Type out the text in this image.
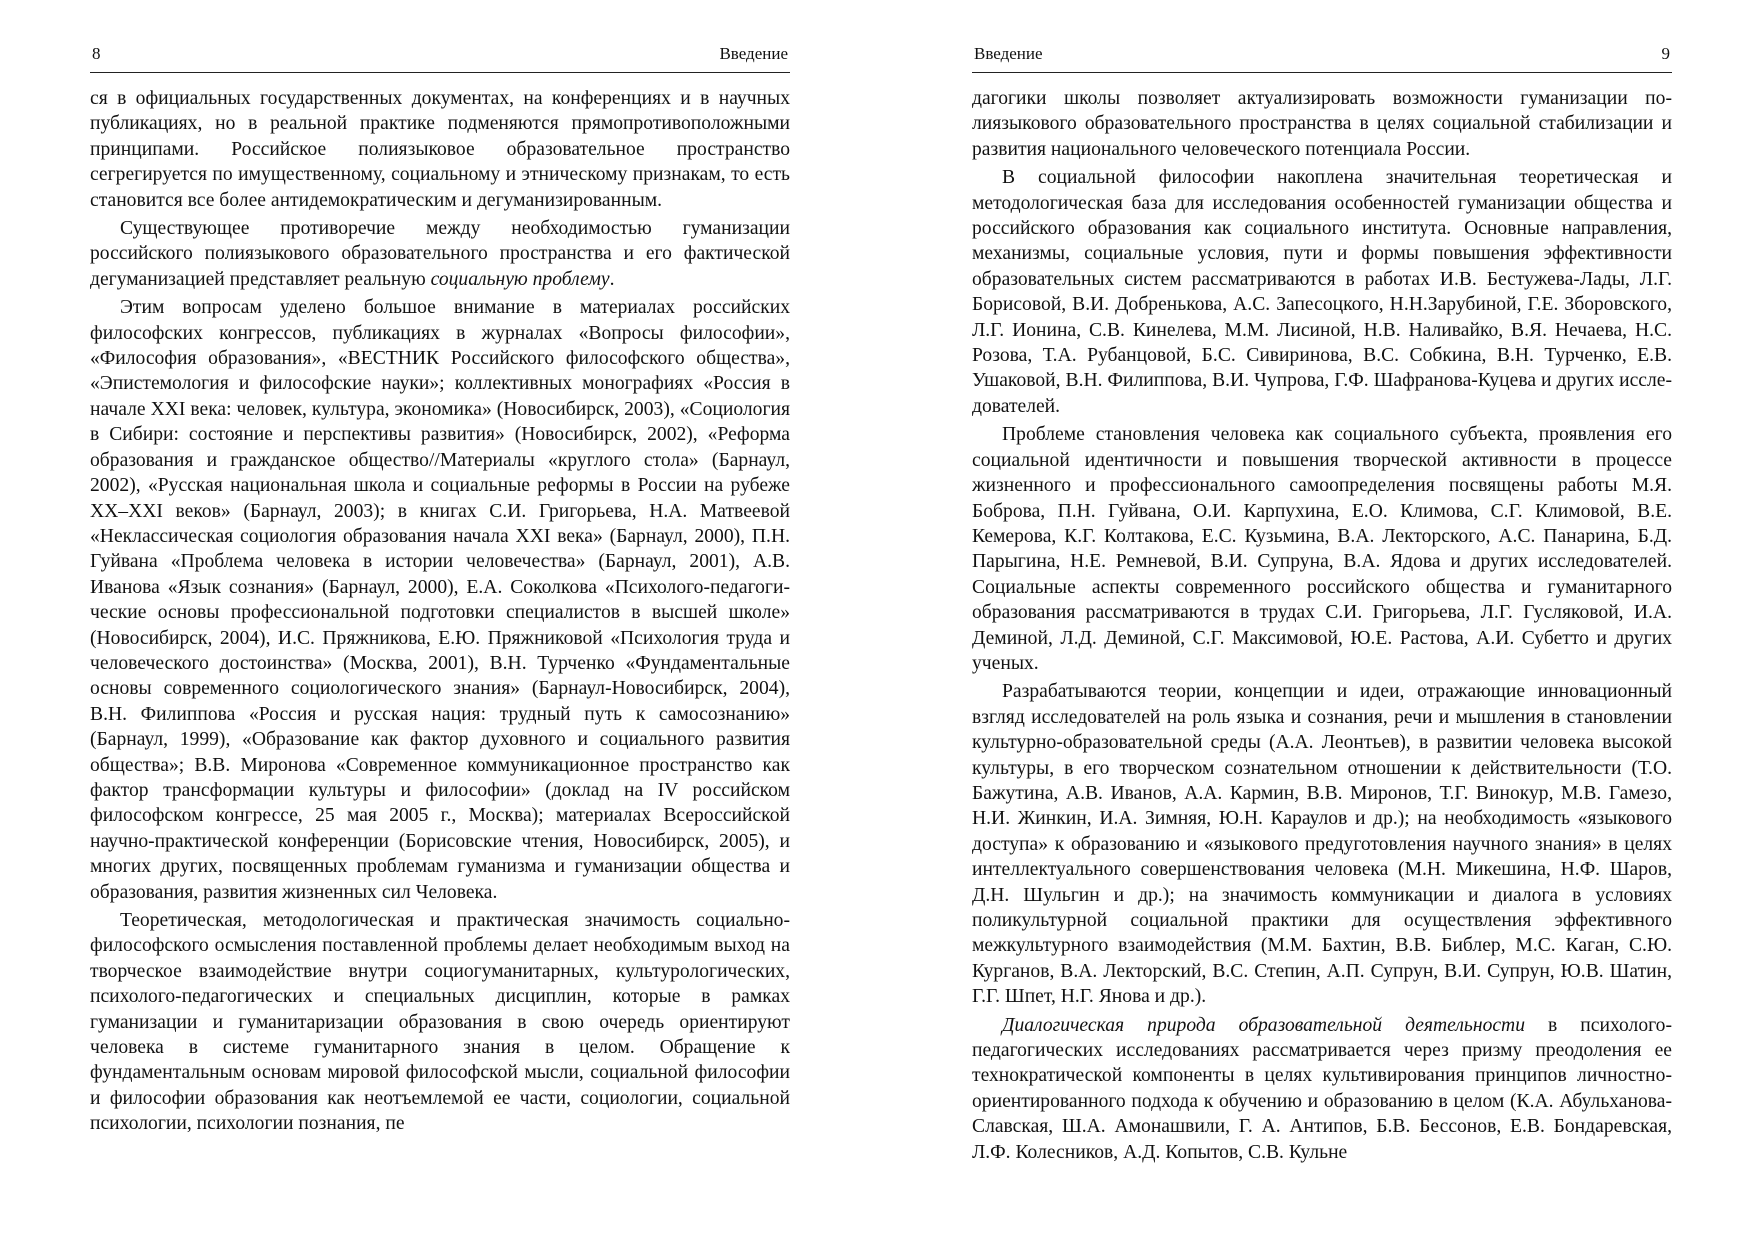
8	Введение

ся в официальных государственных документах, на конференциях и в научных публикациях, но в реальной практике подменяются прямопротивоположными принципами. Российское полиязыковое образовательное пространство сегрегируется по имущественному, социальному и этническому признакам, то есть становится все более антидемократическим и дегуманизированным.

Существующее противоречие между необходимостью гуманизации российского полиязыкового образовательного пространства и его фактической дегуманизацией представляет реальную социальную проблему.

Этим вопросам уделено большое внимание в материалах российских философских конгрессов, публикациях в журналах «Вопросы философии», «Философия образования», «ВЕСТНИК Российского философского общества», «Эпистемология и философские науки»; коллективных монографиях «Россия в начале XXI века: человек, культура, экономика» (Новосибирск, 2003), «Социология в Сибири: состояние и перспективы развития» (Новосибирск, 2002), «Реформа образования и гражданское общество//Материалы «круглого стола» (Барнаул, 2002), «Русская национальная школа и социальные реформы в России на рубеже XX–XXI веков» (Барнаул, 2003); в книгах С.И. Григорьева, Н.А. Матвеевой «Неклассическая социология образования начала XXI века» (Барнаул, 2000), П.Н. Гуйвана «Проблема человека в истории человечества» (Барнаул, 2001), А.В. Иванова «Язык сознания» (Барнаул, 2000), Е.А. Соколкова «Психолого-педагогические основы профессиональной подготовки специалистов в высшей школе» (Новосибирск, 2004), И.С. Пряжникова, Е.Ю. Пряжниковой «Психология труда и человеческого достоинства» (Москва, 2001), В.Н. Турченко «Фундаментальные основы современного социологического знания» (Барнаул-Новосибирск, 2004), В.Н. Филиппова «Россия и русская нация: трудный путь к самосознанию» (Барнаул, 1999), «Образование как фактор духовного и социального развития общества»; В.В. Миронова «Современное коммуникационное пространство как фактор трансформации культуры и философии» (доклад на IV российском философском конгрессе, 25 мая 2005 г., Москва); материалах Всероссийской научно-практической конференции (Борисовские чтения, Новосибирск, 2005), и многих других, посвященных проблемам гуманизма и гуманизации общества и образования, развития жизненных сил Человека.

Теоретическая, методологическая и практическая значимость социально-философского осмысления поставленной проблемы делает необходимым выход на творческое взаимодействие внутри социогуманитарных, культурологических, психолого-педагогических и специальных дисциплин, которые в рамках гуманизации и гуманитаризации образования в свою очередь ориентируют человека в системе гуманитарного знания в целом. Обращение к фундаментальным основам мировой философской мысли, социальной философии и философии образования как неотъемлемой ее части, социологии, социальной психологии, психологии познания, пе

Введение	9

дагогики школы позволяет актуализировать возможности гуманизации полиязыкового образовательного пространства в целях социальной стабилизации и развития национального человеческого потенциала России.

В социальной философии накоплена значительная теоретическая и методологическая база для исследования особенностей гуманизации общества и российского образования как социального института. Основные направления, механизмы, социальные условия, пути и формы повышения эффективности образовательных систем рассматриваются в работах И.В. Бестужева-Лады, Л.Г. Борисовой, В.И. Добренькова, А.С. Запесоцкого, Н.Н.Зарубиной, Г.Е. Зборовского, Л.Г. Ионина, С.В. Кинелева, М.М. Лисиной, Н.В. Наливайко, В.Я. Нечаева, Н.С. Розова, Т.А. Рубанцовой, Б.С. Сивиринова, В.С. Собкина, В.Н. Турченко, Е.В. Ушаковой, В.Н. Филиппова, В.И. Чупрова, Г.Ф. Шафранова-Куцева и других исследователей.

Проблеме становления человека как социального субъекта, проявления его социальной идентичности и повышения творческой активности в процессе жизненного и профессионального самоопределения посвящены работы М.Я. Боброва, П.Н. Гуйвана, О.И. Карпухина, Е.О. Климова, С.Г. Климовой, В.Е. Кемерова, К.Г. Колтакова, Е.С. Кузьмина, В.А. Лекторского, А.С. Панарина, Б.Д. Парыгина, Н.Е. Ремневой, В.И. Супруна, В.А. Ядова и других исследователей. Социальные аспекты современного российского общества и гуманитарного образования рассматриваются в трудах С.И. Григорьева, Л.Г. Гусляковой, И.А. Деминой, Л.Д. Деминой, С.Г. Максимовой, Ю.Е. Растова, А.И. Субетто и других ученых.

Разрабатываются теории, концепции и идеи, отражающие инновационный взгляд исследователей на роль языка и сознания, речи и мышления в становлении культурно-образовательной среды (А.А. Леонтьев), в развитии человека высокой культуры, в его творческом сознательном отношении к действительности (Т.О. Бажутина, А.В. Иванов, А.А. Кармин, В.В. Миронов, Т.Г. Винокур, М.В. Гамезо, Н.И. Жинкин, И.А. Зимняя, Ю.Н. Караулов и др.); на необходимость «языкового доступа» к образованию и «языкового предуготовления научного знания» в целях интеллектуального совершенствования человека (М.Н. Микешина, Н.Ф. Шаров, Д.Н. Шульгин и др.); на значимость коммуникации и диалога в условиях поликультурной социальной практики для осуществления эффективного межкультурного взаимодействия (М.М. Бахтин, В.В. Библер, М.С. Каган, С.Ю. Курганов, В.А. Лекторский, В.С. Степин, А.П. Супрун, В.И. Супрун, Ю.В. Шатин, Г.Г. Шпет, Н.Г. Янова и др.).

Диалогическая природа образовательной деятельности в психолого-педагогических исследованиях рассматривается через призму преодоления ее технократической компоненты в целях культивирования принципов личностно-ориентированного подхода к обучению и образованию в целом (К.А. Абульханова-Славская, Ш.А. Амонашвили, Г. А. Антипов, Б.В. Бессонов, Е.В. Бондаревская, Л.Ф. Колесников, А.Д. Копытов, С.В. Кульне
